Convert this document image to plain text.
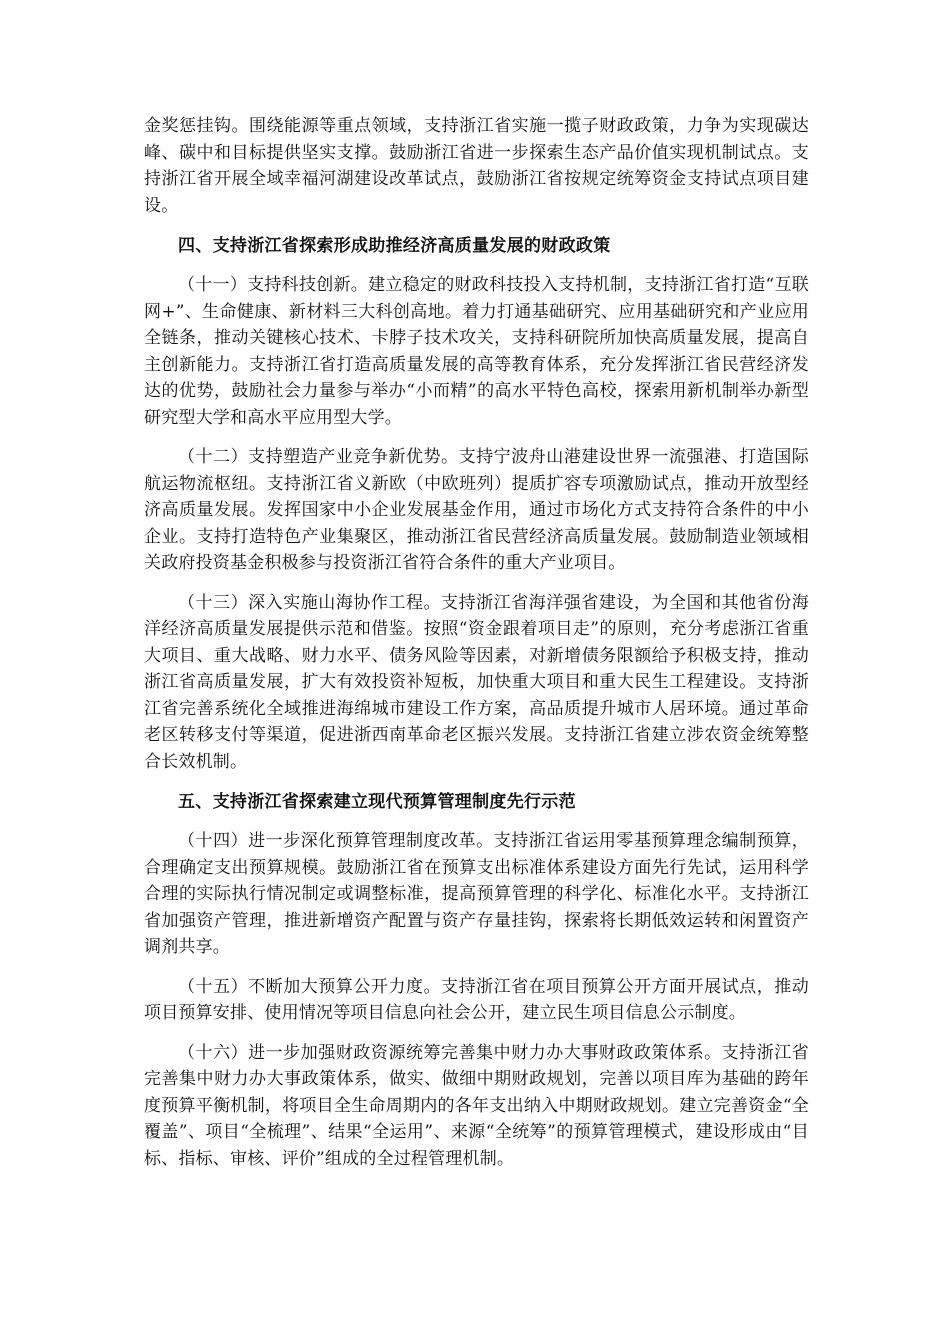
金奖惩挂钩。围绕能源等重点领域，支持浙江省实施一揽子财政政策，力争为实现碳达峰、碳中和目标提供坚实支撑。鼓励浙江省进一步探索生态产品价值实现机制试点。支持浙江省开展全域幸福河湖建设改革试点，鼓励浙江省按规定统筹资金支持试点项目建设。

四、支持浙江省探索形成助推经济高质量发展的财政政策

（十一）支持科技创新。建立稳定的财政科技投入支持机制，支持浙江省打造“互联网+”、生命健康、新材料三大科创高地。着力打通基础研究、应用基础研究和产业应用全链条，推动关键核心技术、卡脖子技术攻关，支持科研院所加快高质量发展，提高自主创新能力。支持浙江省打造高质量发展的高等教育体系，充分发挥浙江省民营经济发达的优势，鼓励社会力量参与举办“小而精”的高水平特色高校，探索用新机制举办新型研究型大学和高水平应用型大学。

（十二）支持塑造产业竞争新优势。支持宁波舟山港建设世界一流强港、打造国际航运物流枢纽。支持浙江省义新欧（中欧班列）提质扩容专项激励试点，推动开放型经济高质量发展。发挥国家中小企业发展基金作用，通过市场化方式支持符合条件的中小企业。支持打造特色产业集聚区，推动浙江省民营经济高质量发展。鼓励制造业领域相关政府投资基金积极参与投资浙江省符合条件的重大产业项目。

（十三）深入实施山海协作工程。支持浙江省海洋强省建设，为全国和其他省份海洋经济高质量发展提供示范和借鉴。按照“资金跟着项目走”的原则，充分考虑浙江省重大项目、重大战略、财力水平、债务风险等因素，对新增债务限额给予积极支持，推动浙江省高质量发展，扩大有效投资补短板，加快重大项目和重大民生工程建设。支持浙江省完善系统化全域推进海绵城市建设工作方案，高品质提升城市人居环境。通过革命老区转移支付等渠道，促进浙西南革命老区振兴发展。支持浙江省建立涉农资金统筹整合长效机制。

五、支持浙江省探索建立现代预算管理制度先行示范

（十四）进一步深化预算管理制度改革。支持浙江省运用零基预算理念编制预算，合理确定支出预算规模。鼓励浙江省在预算支出标准体系建设方面先行先试，运用科学合理的实际执行情况制定或调整标准，提高预算管理的科学化、标准化水平。支持浙江省加强资产管理，推进新增资产配置与资产存量挂钩，探索将长期低效运转和闲置资产调剂共享。

（十五）不断加大预算公开力度。支持浙江省在项目预算公开方面开展试点，推动项目预算安排、使用情况等项目信息向社会公开，建立民生项目信息公示制度。

（十六）进一步加强财政资源统筹完善集中财力办大事财政政策体系。支持浙江省完善集中财力办大事政策体系，做实、做细中期财政规划，完善以项目库为基础的跨年度预算平衡机制，将项目全生命周期内的各年支出纳入中期财政规划。建立完善资金“全覆盖”、项目“全梳理”、结果“全运用”、来源“全统筹”的预算管理模式，建设形成由“目标、指标、审核、评价”组成的全过程管理机制。
